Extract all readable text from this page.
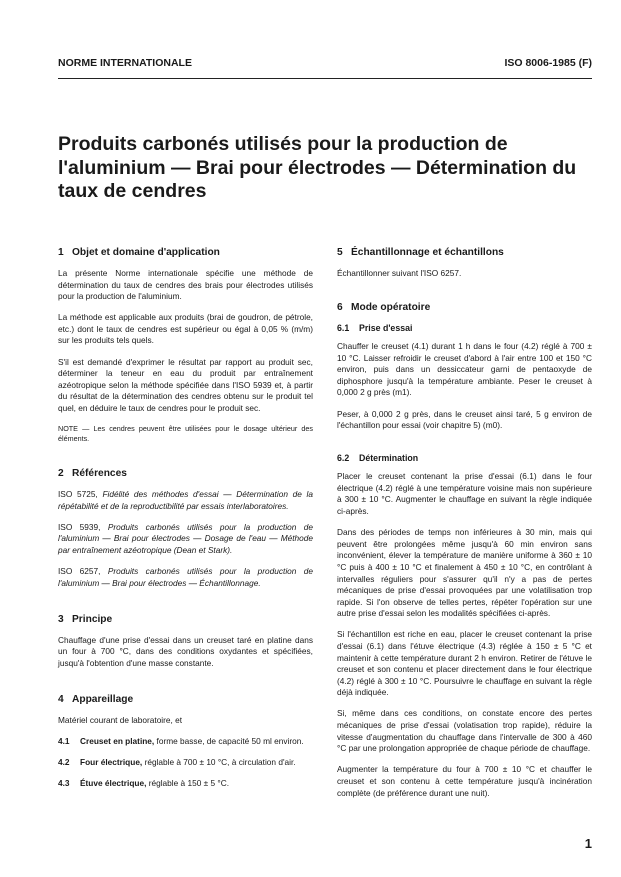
NORME INTERNATIONALE	ISO 8006-1985 (F)
Produits carbonés utilisés pour la production de l'aluminium — Brai pour électrodes — Détermination du taux de cendres
1 Objet et domaine d'application

La présente Norme internationale spécifie une méthode de détermination du taux de cendres des brais pour électrodes utilisés pour la production de l'aluminium.

La méthode est applicable aux produits (brai de goudron, de pétrole, etc.) dont le taux de cendres est supérieur ou égal à 0,05 % (m/m) sur les produits tels quels.

S'il est demandé d'exprimer le résultat par rapport au produit sec, déterminer la teneur en eau du produit par entraînement azéotropique selon la méthode spécifiée dans l'ISO 5939 et, à partir du résultat de la détermination des cendres obtenu sur le produit tel quel, en déduire le taux de cendres pour le produit sec.

NOTE — Les cendres peuvent être utilisées pour le dosage ultérieur des éléments.

2 Références

ISO 5725, Fidélité des méthodes d'essai — Détermination de la répétabilité et de la reproductibilité par essais interlaboratoires.

ISO 5939, Produits carbonés utilisés pour la production de l'aluminium — Brai pour électrodes — Dosage de l'eau — Méthode par entraînement azéotropique (Dean et Stark).

ISO 6257, Produits carbonés utilisés pour la production de l'aluminium — Brai pour électrodes — Échantillonnage.

3 Principe

Chauffage d'une prise d'essai dans un creuset taré en platine dans un four à 700 °C, dans des conditions oxydantes et spécifiées, jusqu'à l'obtention d'une masse constante.

4 Appareillage

Matériel courant de laboratoire, et

4.1 Creuset en platine, forme basse, de capacité 50 ml environ.

4.2 Four électrique, réglable à 700 ± 10 °C, à circulation d'air.

4.3 Étuve électrique, réglable à 150 ± 5 °C.

5 Échantillonnage et échantillons

Échantillonner suivant l'ISO 6257.

6 Mode opératoire
6.1 Prise d'essai

Chauffer le creuset (4.1) durant 1 h dans le four (4.2) réglé à 700 ± 10 °C. Laisser refroidir le creuset d'abord à l'air entre 100 et 150 °C environ, puis dans un dessiccateur garni de pentaoxyde de diphosphore jusqu'à la température ambiante. Peser le creuset à 0,000 2 g près (m1).

Peser, à 0,000 2 g près, dans le creuset ainsi taré, 5 g environ de l'échantillon pour essai (voir chapitre 5) (m0).

6.2 Détermination

Placer le creuset contenant la prise d'essai (6.1) dans le four électrique (4.2) réglé à une température voisine mais non supérieure à 300 ± 10 °C. Augmenter le chauffage en suivant la règle indiquée ci-après.

Dans des périodes de temps non inférieures à 30 min, mais qui peuvent être prolongées même jusqu'à 60 min environ sans inconvénient, élever la température de manière uniforme à 360 ± 10 °C puis à 400 ± 10 °C et finalement à 450 ± 10 °C, en contrôlant à intervalles réguliers pour s'assurer qu'il n'y a pas de pertes mécaniques de prise d'essai provoquées par une volatilisation trop rapide. Si l'on observe de telles pertes, répéter l'opération sur une autre prise d'essai selon les modalités spécifiées ci-après.

Si l'échantillon est riche en eau, placer le creuset contenant la prise d'essai (6.1) dans l'étuve électrique (4.3) réglée à 150 ± 5 °C et maintenir à cette température durant 2 h environ. Retirer de l'étuve le creuset et son contenu et placer directement dans le four électrique (4.2) réglé à 300 ± 10 °C. Poursuivre le chauffage en suivant la règle déjà indiquée.

Si, même dans ces conditions, on constate encore des pertes mécaniques de prise d'essai (volatisation trop rapide), réduire la vitesse d'augmentation du chauffage dans l'intervalle de 300 à 460 °C par une prolongation appropriée de chaque période de chauffage.

Augmenter la température du four à 700 ± 10 °C et chauffer le creuset et son contenu à cette température jusqu'à incinération complète (de préférence durant une nuit).

1
